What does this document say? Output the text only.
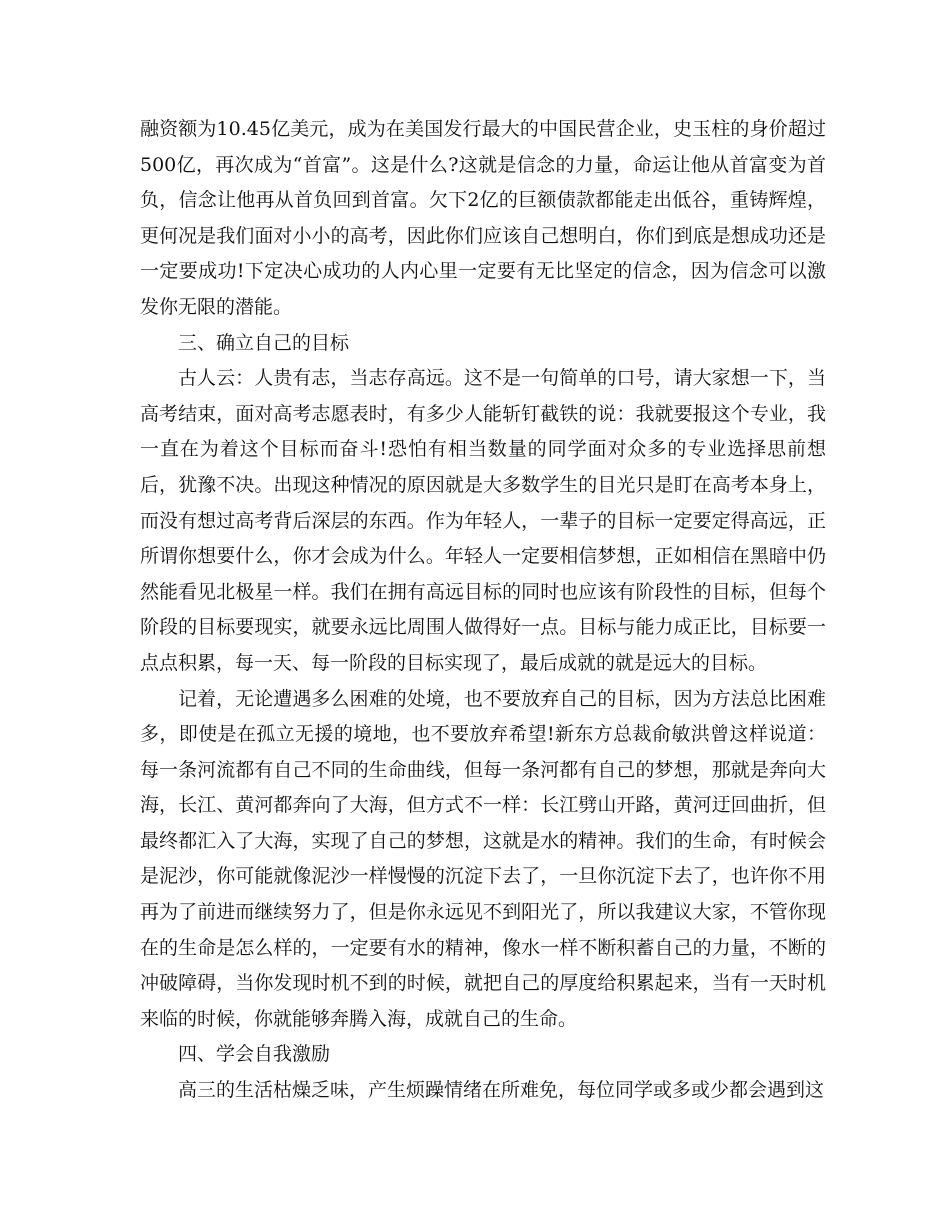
融资额为10.45亿美元，成为在美国发行最大的中国民营企业，史玉柱的身价超过500亿，再次成为“首富”。这是什么?这就是信念的力量，命运让他从首富变为首负，信念让他再从首负回到首富。欠下2亿的巨额债款都能走出低谷，重铸辉煌，更何况是我们面对小小的高考，因此你们应该自己想明白，你们到底是想成功还是一定要成功!下定决心成功的人内心里一定要有无比坚定的信念，因为信念可以激发你无限的潜能。

三、确立自己的目标

古人云：人贵有志，当志存高远。这不是一句简单的口号，请大家想一下，当高考结束，面对高考志愿表时，有多少人能斩钉截铁的说：我就要报这个专业，我一直在为着这个目标而奋斗!恐怕有相当数量的同学面对众多的专业选择思前想后，犹豫不决。出现这种情况的原因就是大多数学生的目光只是盯在高考本身上，而没有想过高考背后深层的东西。作为年轻人，一辈子的目标一定要定得高远，正所谓你想要什么，你才会成为什么。年轻人一定要相信梦想，正如相信在黑暗中仍然能看见北极星一样。我们在拥有高远目标的同时也应该有阶段性的目标，但每个阶段的目标要现实，就要永远比周围人做得好一点。目标与能力成正比，目标要一点点积累，每一天、每一阶段的目标实现了，最后成就的就是远大的目标。

记着，无论遭遇多么困难的处境，也不要放弃自己的目标，因为方法总比困难多，即使是在孤立无援的境地，也不要放弃希望!新东方总裁俞敏洪曾这样说道：每一条河流都有自己不同的生命曲线，但每一条河都有自己的梦想，那就是奔向大海，长江、黄河都奔向了大海，但方式不一样：长江劈山开路，黄河迂回曲折，但最终都汇入了大海，实现了自己的梦想，这就是水的精神。我们的生命，有时候会是泥沙，你可能就像泥沙一样慢慢的沉淀下去了，一旦你沉淀下去了，也许你不用再为了前进而继续努力了，但是你永远见不到阳光了，所以我建议大家，不管你现在的生命是怎么样的，一定要有水的精神，像水一样不断积蓄自己的力量，不断的冲破障碍，当你发现时机不到的时候，就把自己的厚度给积累起来，当有一天时机来临的时候，你就能够奔腾入海，成就自己的生命。

四、学会自我激励

高三的生活枯燥乏味，产生烦躁情绪在所难免，每位同学或多或少都会遇到这
